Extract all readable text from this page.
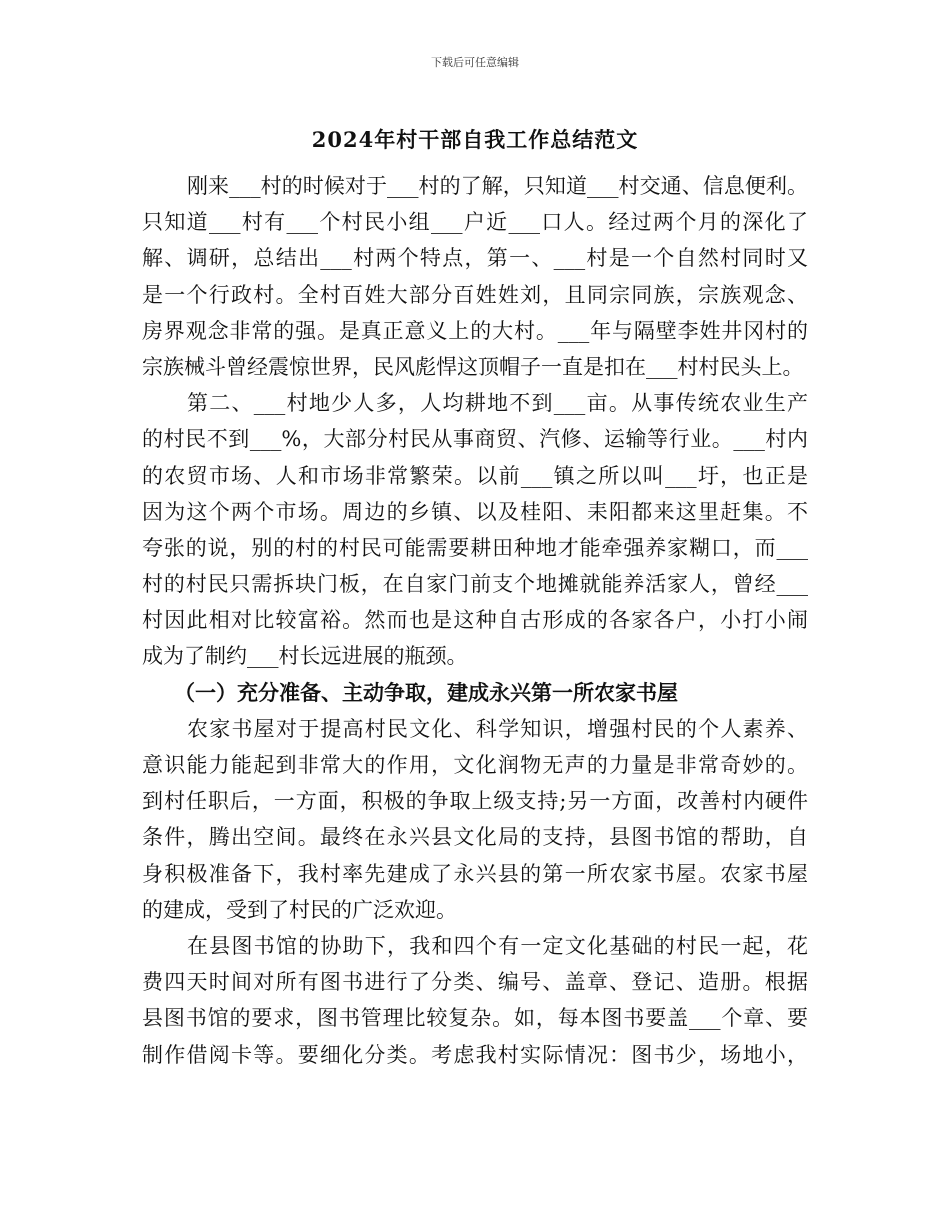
下载后可任意编辑
2024年村干部自我工作总结范文
刚来___村的时候对于___村的了解，只知道___村交通、信息便利。
只知道___村有___个村民小组___户近___口人。经过两个月的深化了
解、调研，总结出___村两个特点，第一、___村是一个自然村同时又
是一个行政村。全村百姓大部分百姓姓刘，且同宗同族，宗族观念、
房界观念非常的强。是真正意义上的大村。___年与隔壁李姓井冈村的
宗族械斗曾经震惊世界，民风彪悍这顶帽子一直是扣在___村村民头上。
第二、___村地少人多，人均耕地不到___亩。从事传统农业生产
的村民不到___%，大部分村民从事商贸、汽修、运输等行业。___村内
的农贸市场、人和市场非常繁荣。以前___镇之所以叫___圩，也正是
因为这个两个市场。周边的乡镇、以及桂阳、耒阳都来这里赶集。不
夸张的说，别的村的村民可能需要耕田种地才能牵强养家糊口，而___
村的村民只需拆块门板，在自家门前支个地摊就能养活家人，曾经___
村因此相对比较富裕。然而也是这种自古形成的各家各户，小打小闹
成为了制约___村长远进展的瓶颈。
（一）充分准备、主动争取，建成永兴第一所农家书屋
农家书屋对于提高村民文化、科学知识，增强村民的个人素养、
意识能力能起到非常大的作用，文化润物无声的力量是非常奇妙的。
到村任职后，一方面，积极的争取上级支持;另一方面，改善村内硬件
条件，腾出空间。最终在永兴县文化局的支持，县图书馆的帮助，自
身积极准备下，我村率先建成了永兴县的第一所农家书屋。农家书屋
的建成，受到了村民的广泛欢迎。
在县图书馆的协助下，我和四个有一定文化基础的村民一起，花
费四天时间对所有图书进行了分类、编号、盖章、登记、造册。根据
县图书馆的要求，图书管理比较复杂。如，每本图书要盖___个章、要
制作借阅卡等。要细化分类。考虑我村实际情况：图书少，场地小，
